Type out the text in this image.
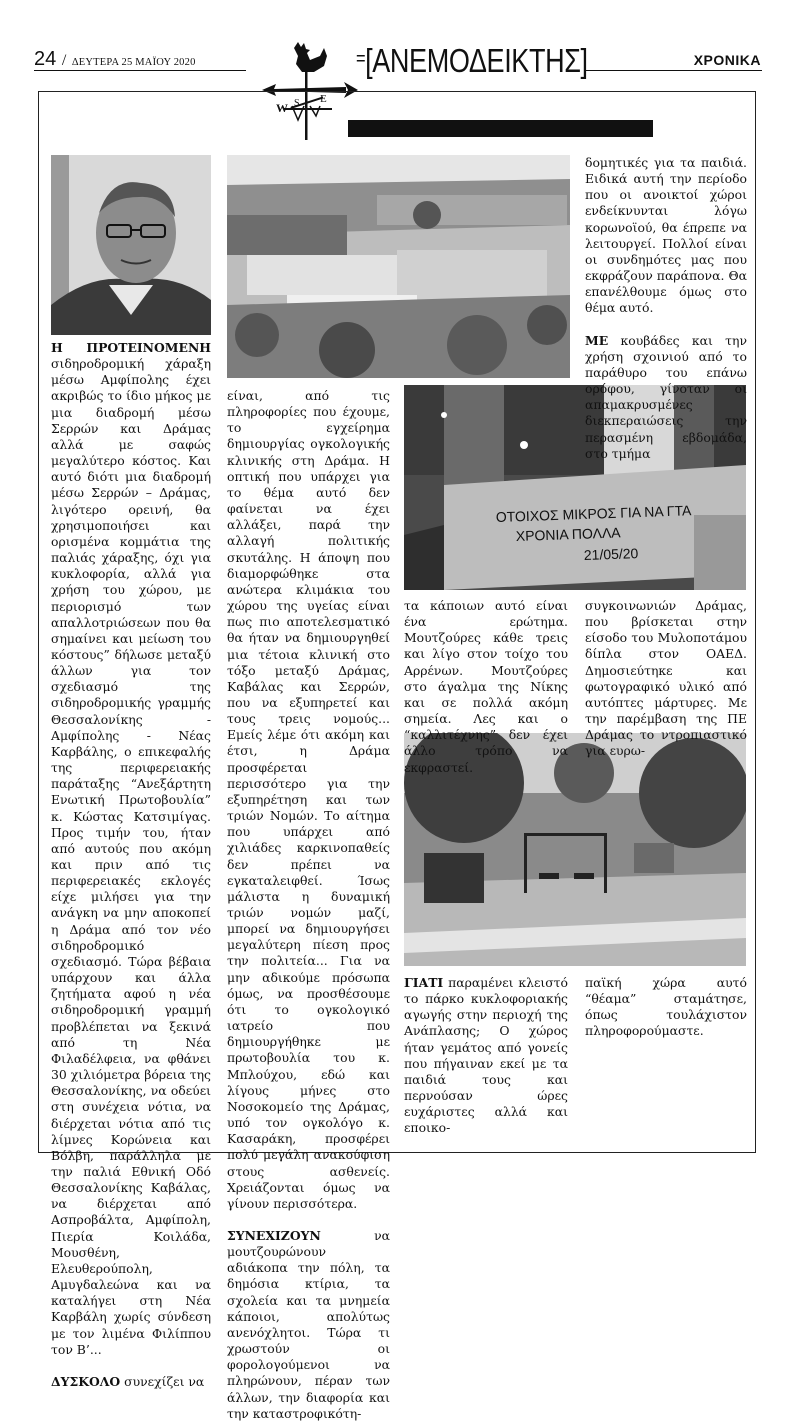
24 / ΔΕΥΤΕΡΑ 25 ΜΑΪΟΥ 2020
W S E
=[ΑΝΕΜΟΔΕΙΚΤΗΣ]	ΧΡΟΝΙΚΑ
ΟΤΟΙΧΟΣ ΜΙΚΡΟΣ ΓΙΑ ΝΑ ΓΤΑ
ΧΡΟΝΙΑ ΠΟΛΛΑ
21/05/20

Η ΠΡΟΤΕΙΝΟΜΕΝΗ σιδηροδρομική χάραξη μέσω Αμφίπολης έχει ακριβώς το ίδιο μήκος με μια διαδρομή μέσω Σερρών και Δράμας αλλά με σαφώς μεγαλύτερο κόστος. Και αυτό διότι μια διαδρομή μέσω Σερρών – Δράμας, λιγότερο ορεινή, θα χρησιμοποιήσει και ορισμένα κομμάτια της παλιάς χάραξης, όχι για κυκλοφορία, αλλά για χρήση του χώρου, με περιορισμό των απαλλοτριώσεων που θα σημαίνει και μείωση του κόστους” δήλωσε μεταξύ άλλων για τον σχεδιασμό της σιδηροδρομικής γραμμής Θεσσαλονίκης - Αμφίπολης - Νέας Καρβάλης, ο επικεφαλής της περιφερειακής παράταξης “Ανεξάρτητη Ενωτική Πρωτοβουλία” κ. Κώστας Κατσιμίγας. Προς τιμήν του, ήταν από αυτούς που ακόμη και πριν από τις περιφερειακές εκλογές είχε μιλήσει για την ανάγκη να μην αποκοπεί η Δράμα από τον νέο σιδηροδρομικό σχεδιασμό. Τώρα βέβαια υπάρχουν και άλλα ζητήματα αφού η νέα σιδηροδρομική γραμμή προβλέπεται να ξεκινά από τη Νέα Φιλαδέλφεια, να φθάνει 30 χιλιόμετρα βόρεια της Θεσσαλονίκης, να οδεύει στη συνέχεια νότια, να διέρχεται νότια από τις λίμνες Κορώνεια και Βόλβη, παράλληλα με την παλιά Εθνική Οδό Θεσσαλονίκης Καβάλας, να διέρχεται από Ασπροβάλτα, Αμφίπολη, Πιερία Κοιλάδα, Μουσθένη, Ελευθερούπολη, Αμυγδαλεώνα και να καταλήγει στη Νέα Καρβάλη χωρίς σύνδεση με τον λιμένα Φιλίππου τον Β’...

ΔΥΣΚΟΛΟ συνεχίζει να

είναι, από τις πληροφορίες που έχουμε, το εγχείρημα δημιουργίας ογκολογικής κλινικής στη Δράμα. Η οπτική που υπάρχει για το θέμα αυτό δεν φαίνεται να έχει αλλάξει, παρά την αλλαγή πολιτικής σκυτάλης. Η άποψη που διαμορφώθηκε στα ανώτερα κλιμάκια του χώρου της υγείας είναι πως πιο αποτελεσματικό θα ήταν να δημιουργηθεί μια τέτοια κλινική στο τόξο μεταξύ Δράμας, Καβάλας και Σερρών, που να εξυπηρετεί και τους τρεις νομούς... Εμείς λέμε ότι ακόμη και έτσι, η Δράμα προσφέρεται περισσότερο για την εξυπηρέτηση και των τριών Νομών. Το αίτημα που υπάρχει από χιλιάδες καρκινοπαθείς δεν πρέπει να εγκαταλειφθεί. Ίσως μάλιστα η δυναμική τριών νομών μαζί, μπορεί να δημιουργήσει μεγαλύτερη πίεση προς την πολιτεία... Για να μην αδικούμε πρόσωπα όμως, να προσθέσουμε ότι το ογκολογικό ιατρείο που δημιουργήθηκε με πρωτοβουλία του κ. Μπλούχου, εδώ και λίγους μήνες στο Νοσοκομείο της Δράμας, υπό τον ογκολόγο κ. Κασαράκη, προσφέρει πολύ μεγάλη ανακούφιση στους ασθενείς. Χρειάζονται όμως να γίνουν περισσότερα.

ΣΥΝΕΧΙΖΟΥΝ	να μουτζουρώνουν αδιάκοπα την πόλη, τα δημόσια κτίρια, τα σχολεία και τα μνημεία κάποιοι, απολύτως ανενόχλητοι. Τώρα τι χρωστούν οι φορολογούμενοι να πληρώνουν, πέραν των άλλων, την διαφορία και την καταστροφικότη-

δομητικές για τα παιδιά. Ειδικά αυτή την περίοδο που οι ανοικτοί χώροι ενδείκνυνται λόγω κορωνοϊού, θα έπρεπε να λειτουργεί. Πολλοί είναι οι συνδημότες μας που εκφράζουν παράπονα. Θα επανέλθουμε όμως στο θέμα αυτό.

ΜΕ κουβάδες και την χρήση σχοινιού από το παράθυρο του επάνω ορόφου, γίνοταν οι απαμακρυσμένες διεκπεραιώσεις την περασμένη εβδομάδα, στο τμήμα

τα κάποιων αυτό είναι ένα ερώτημα. Μουτζούρες κάθε τρεις και λίγο στον τοίχο του Αρρένων. Μουτζούρες στο άγαλμα της Νίκης και σε πολλά ακόμη σημεία. Λες και ο “καλλιτέχνης” δεν έχει άλλο τρόπο να εκφραστεί.

συγκοινωνιών Δράμας, που βρίσκεται στην είσοδο του Μυλοποτάμου δίπλα στον ΟΑΕΔ. Δημοσιεύτηκε και φωτογραφικό υλικό από αυτόπτες μάρτυρες. Με την παρέμβαση της ΠΕ Δράμας το ντροπιαστικό για ευρω-

ΓΙΑΤΙ παραμένει κλειστό το πάρκο κυκλοφοριακής αγωγής στην περιοχή της Ανάπλασης; Ο χώρος ήταν γεμάτος από γονείς που πήγαιναν εκεί με τα παιδιά τους και περνούσαν ώρες ευχάριστες αλλά και εποικο-

παϊκή χώρα αυτό “θέαμα” σταμάτησε, όπως τουλάχιστον πληροφορούμαστε.
